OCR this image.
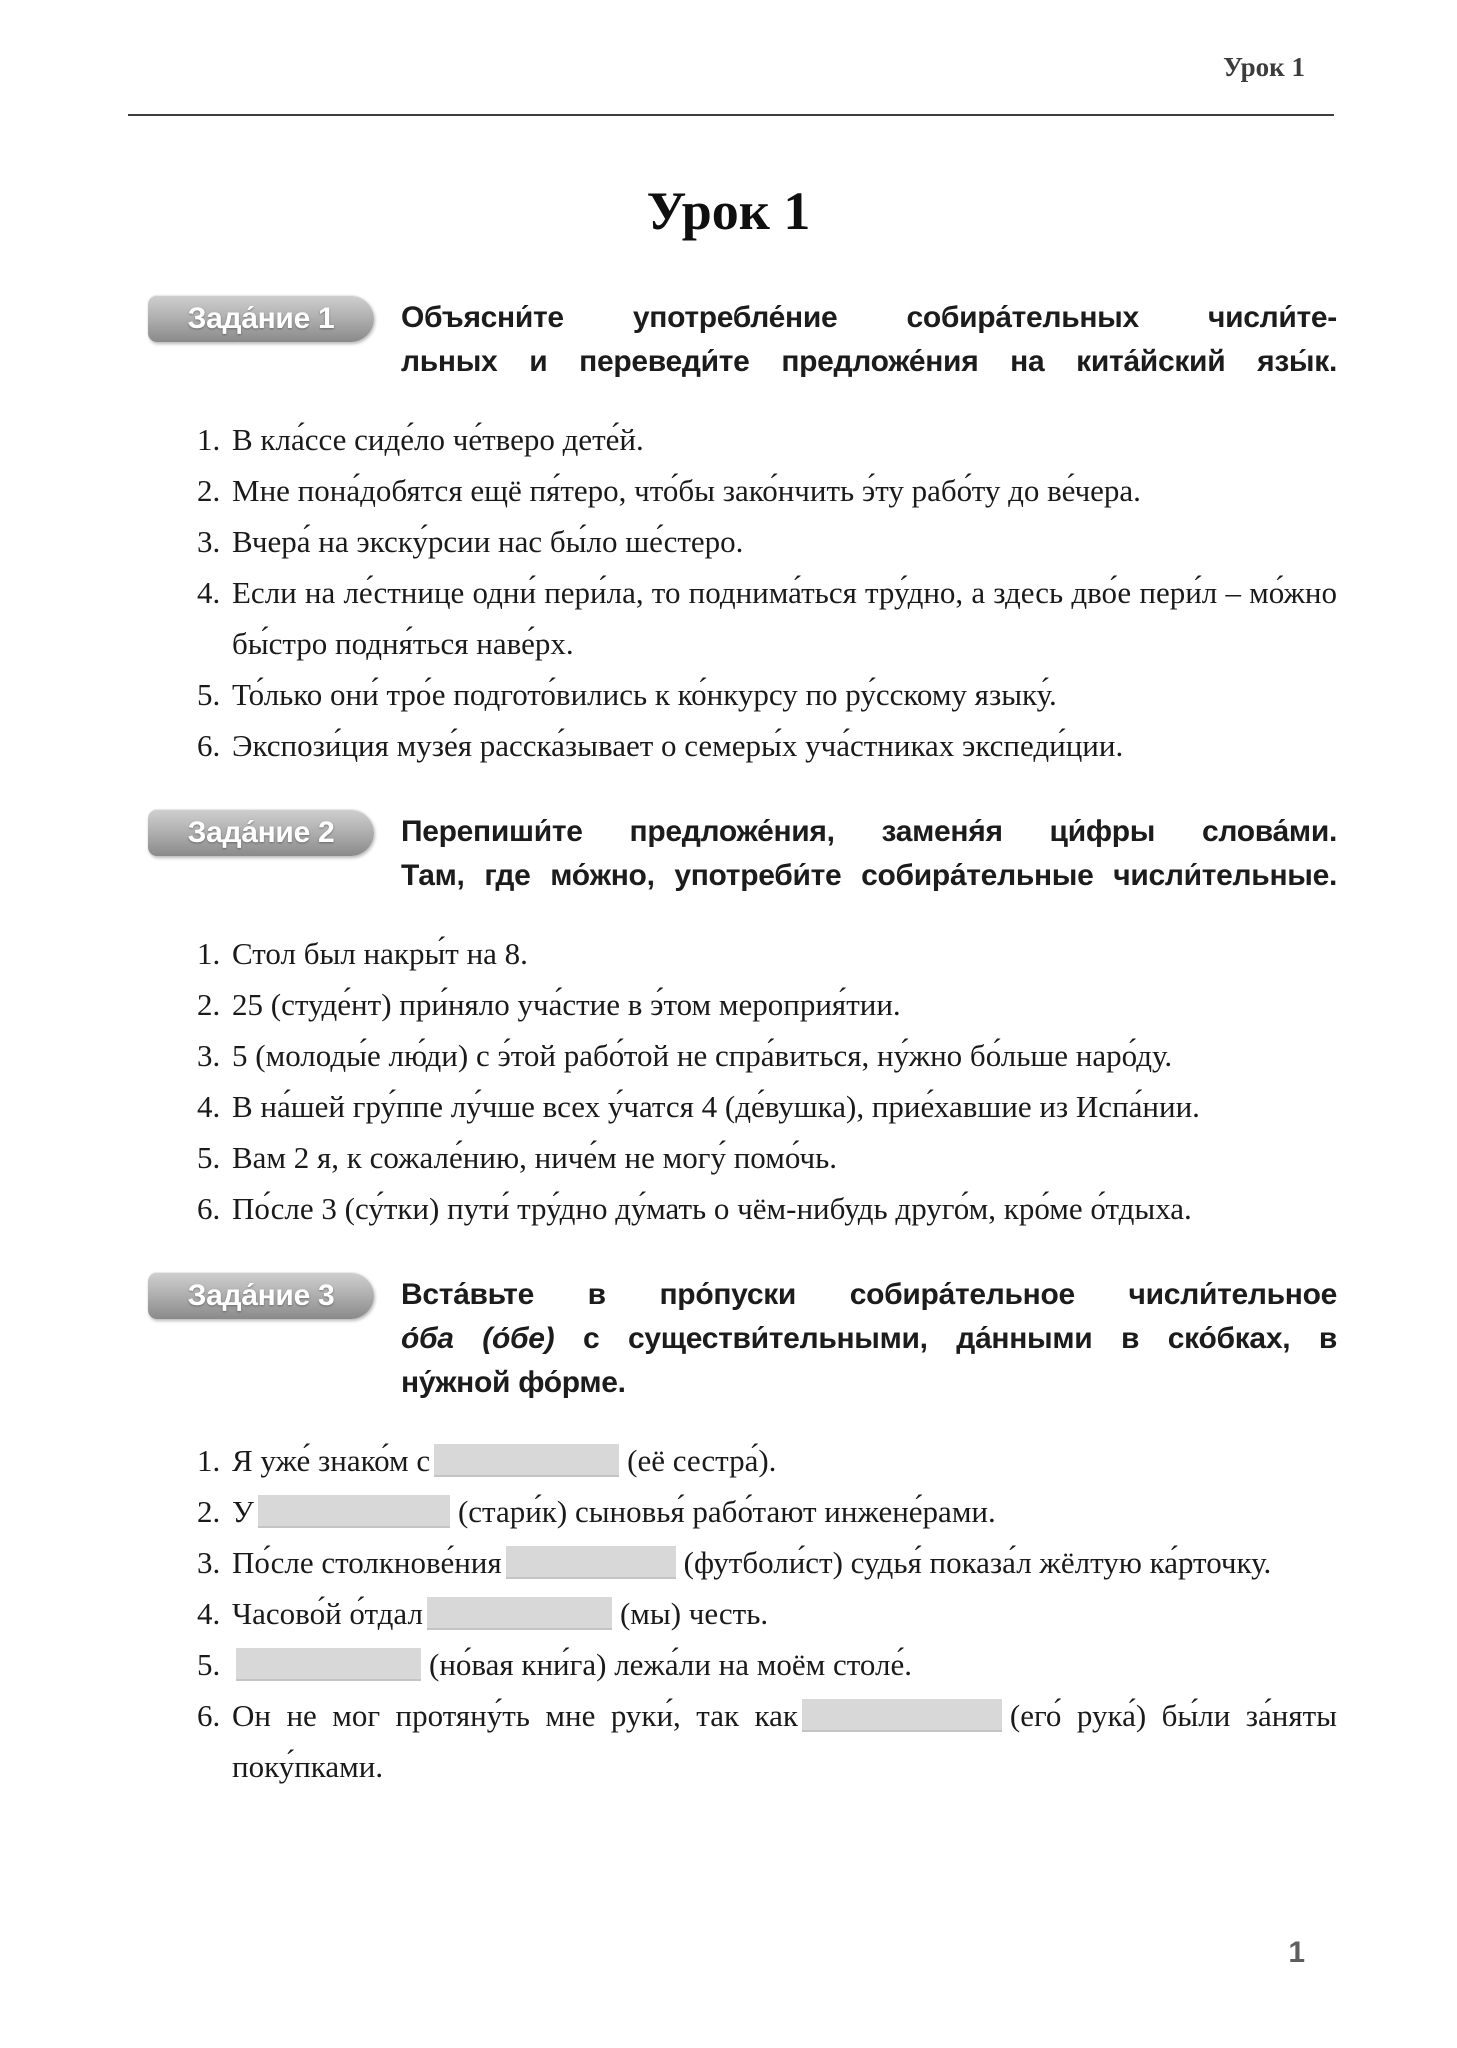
Урок 1
Урок 1
Зада́ние 1 Объясни́те употребле́ние собира́тельных числи́те-
льных и переведи́те предложе́ния на кита́йский язы́к.
1. В кла́ссе сиде́ло че́тверо дете́й.
2. Мне пона́добятся ещё пя́теро, что́бы зако́нчить э́ту рабо́ту до ве́чера.
3. Вчера́ на экску́рсии нас бы́ло ше́стеро.
4. Если на ле́стнице одни́ пери́ла, то поднима́ться тру́дно, а здесь дво́е пери́л – мо́жно бы́стро подня́ться наве́рх.
5. То́лько они́ тро́е подгото́вились к ко́нкурсу по ру́сскому языку́.
6. Экспози́ция музе́я расска́зывает о семеры́х уча́стниках экспеди́ции.
Зада́ние 2 Перепиши́те предложе́ния, заменя́я ци́фры слова́ми.
Там, где мо́жно, употреби́те собира́тельные числи́тельные.
1. Стол был накры́т на 8.
2. 25 (студе́нт) при́няло уча́стие в э́том мероприя́тии.
3. 5 (молоды́е лю́ди) с э́той рабо́той не спра́виться, ну́жно бо́льше наро́ду.
4. В на́шей гру́ппе лу́чше всех у́чатся 4 (де́вушка), прие́хавшие из Испа́нии.
5. Вам 2 я, к сожале́нию, ниче́м не могу́ помо́чь.
6. По́сле 3 (су́тки) пути́ тру́дно ду́мать о чём-нибудь друго́м, кро́ме о́тдыха.
Зада́ние 3 Вста́вьте в про́пуски собира́тельное числи́тельное
о́ба (о́бе) с существи́тельными, да́нными в ско́бках, в
ну́жной фо́рме.
1. Я уже́ знако́м с	(её сестра́).
2. У	(стари́к) сыновья́ рабо́тают инжене́рами.
3. По́сле столкнове́ния	(футболи́ст) судья́ показа́л жёлтую ка́рточку.
4. Часово́й о́тдал	(мы) честь.
5.	(но́вая кни́га) лежа́ли на моём столе́.
6. Он не мог протяну́ть мне руки́, так как	(его́ рука́) бы́ли за́няты поку́пками.
1
